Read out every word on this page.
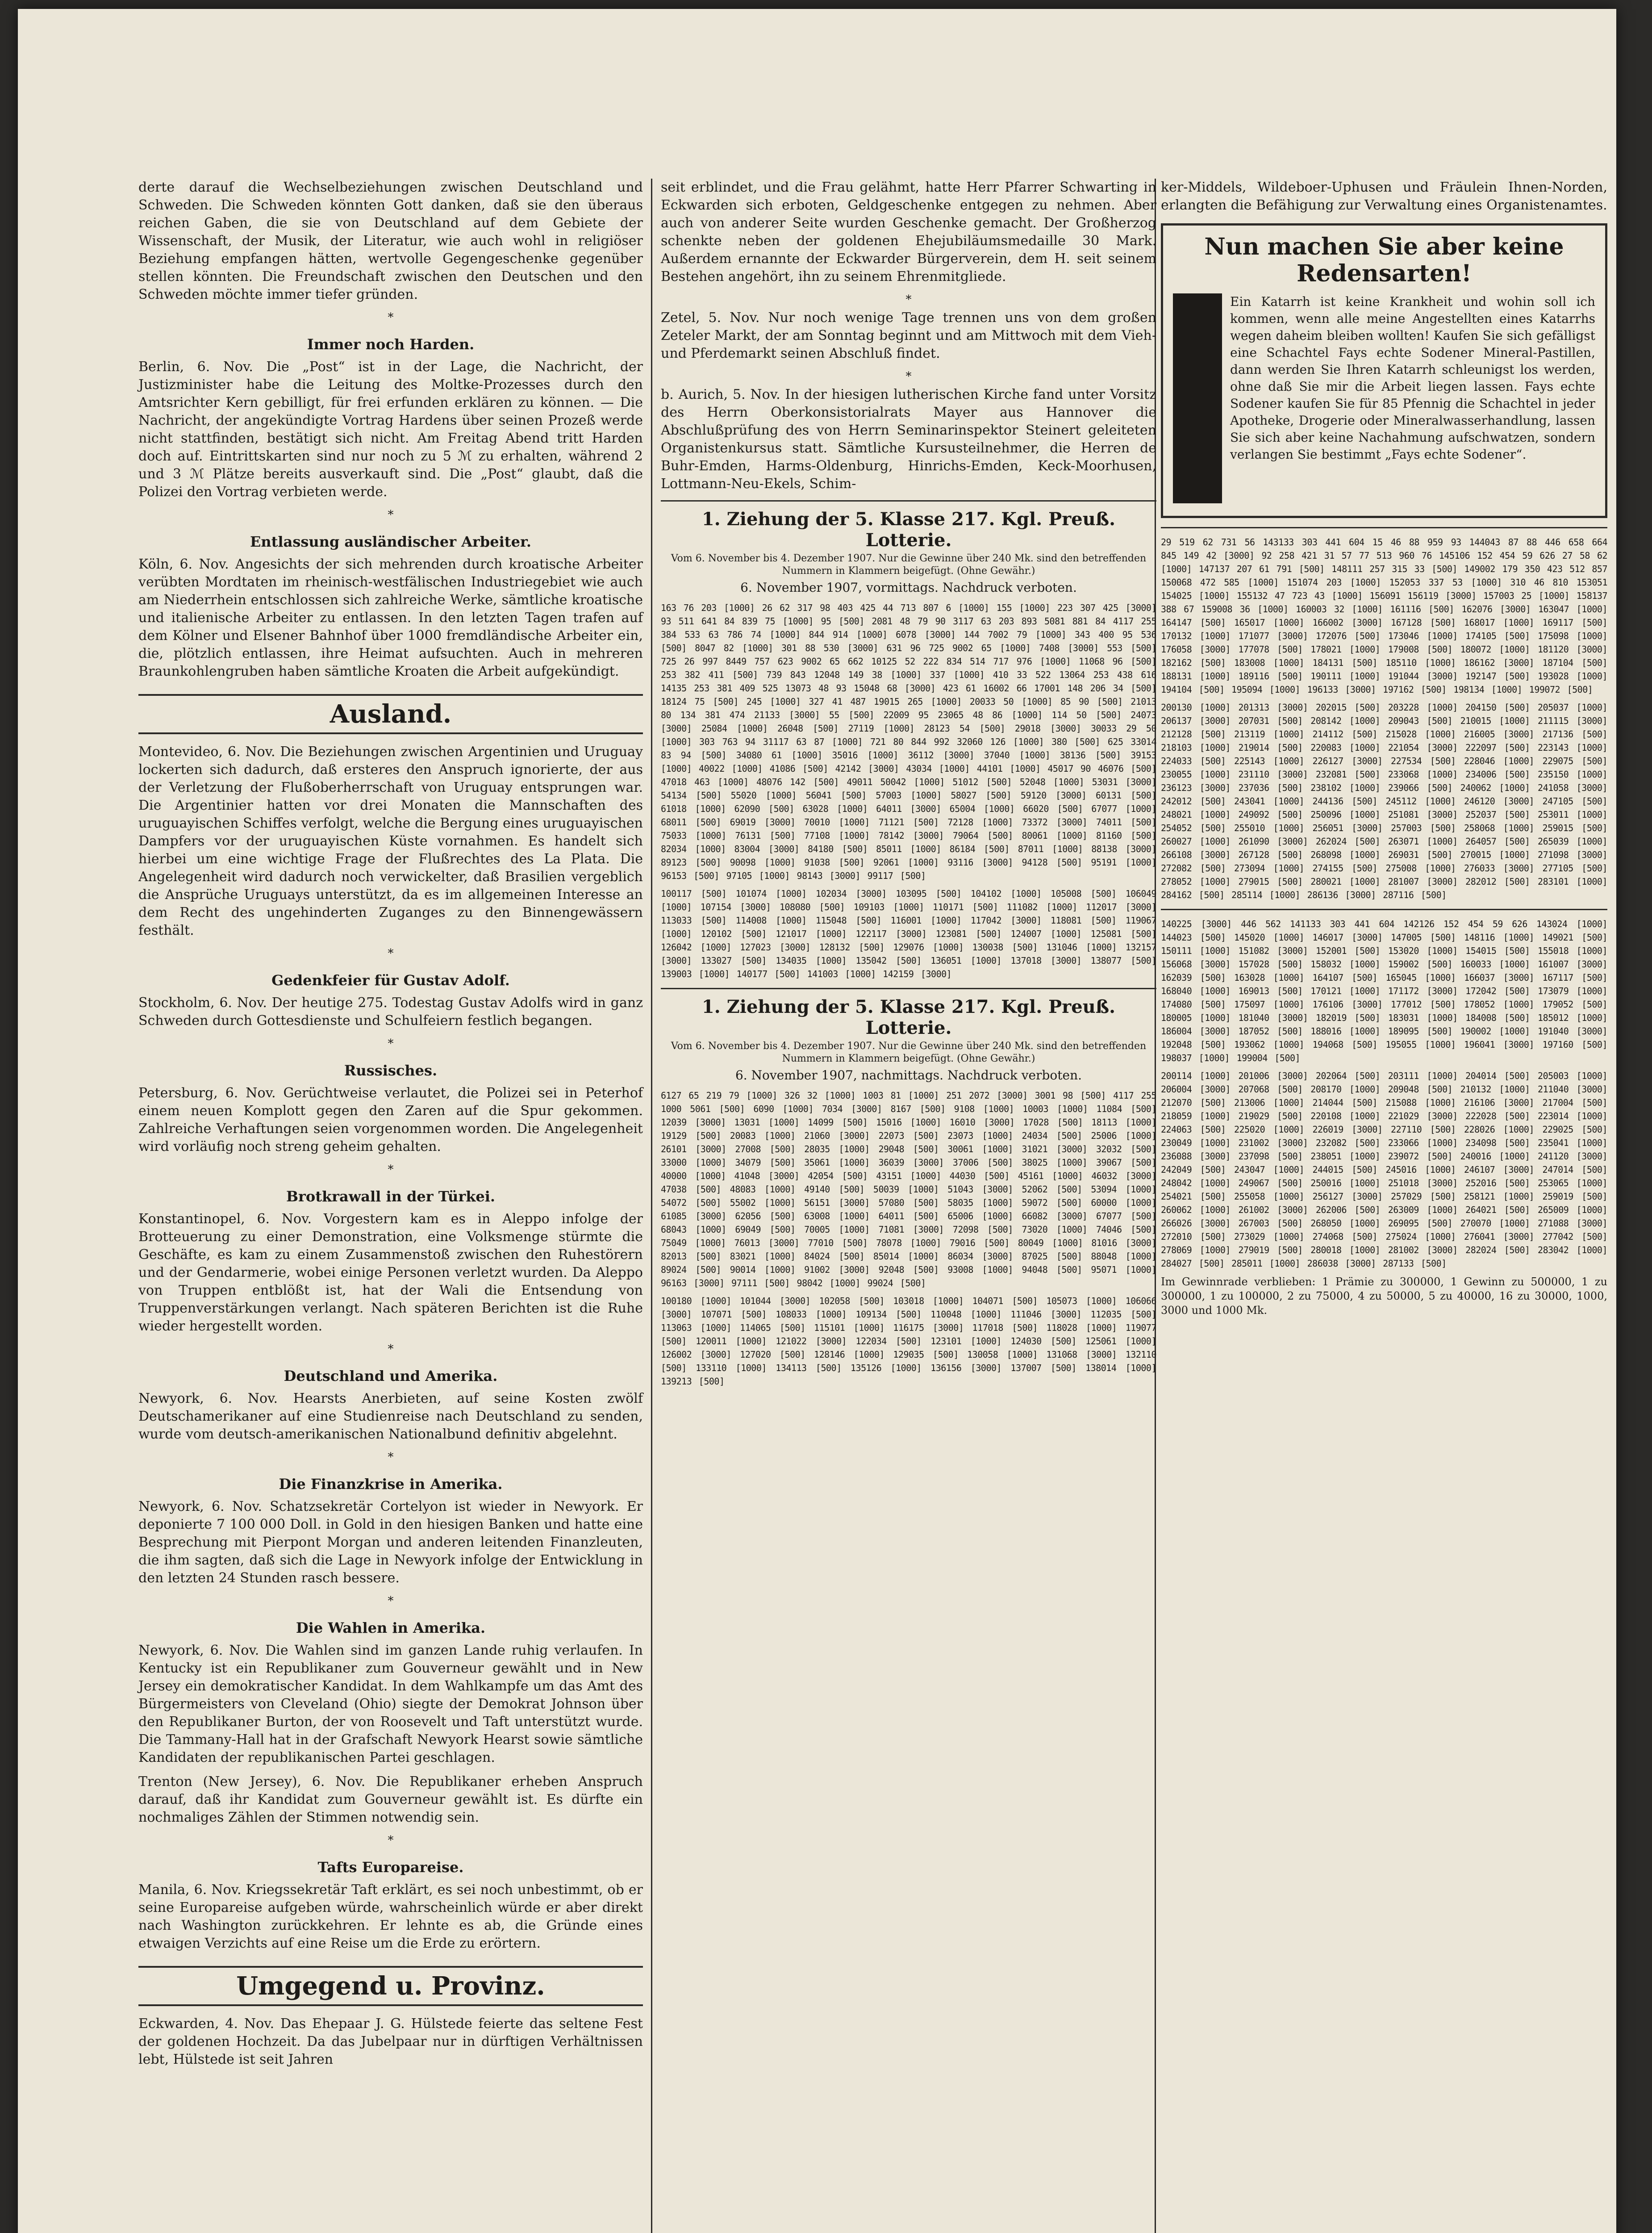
derte darauf die Wechselbeziehungen zwischen Deutschland und Schweden. Die Schweden könnten Gott danken, daß sie den überaus reichen Gaben, die sie von Deutschland auf dem Gebiete der Wissenschaft, der Musik, der Literatur, wie auch wohl in religiöser Beziehung empfangen hätten, wertvolle Gegengeschenke gegenüber stellen könnten. Die Freundschaft zwischen den Deutschen und den Schweden möchte immer tiefer gründen.

*
Immer noch Harden.

Berlin, 6. Nov. Die „Post“ ist in der Lage, die Nachricht, der Justizminister habe die Leitung des Moltke-Prozesses durch den Amtsrichter Kern gebilligt, für frei erfunden erklären zu können. — Die Nachricht, der angekündigte Vortrag Hardens über seinen Prozeß werde nicht stattfinden, bestätigt sich nicht. Am Freitag Abend tritt Harden doch auf. Eintrittskarten sind nur noch zu 5 ℳ zu erhalten, während 2 und 3 ℳ Plätze bereits ausverkauft sind. Die „Post“ glaubt, daß die Polizei den Vortrag verbieten werde.

*
Entlassung ausländischer Arbeiter.

Köln, 6. Nov. Angesichts der sich mehrenden durch kroatische Arbeiter verübten Mordtaten im rheinisch-westfälischen Industriegebiet wie auch am Niederrhein entschlossen sich zahlreiche Werke, sämtliche kroatische und italienische Arbeiter zu entlassen. In den letzten Tagen trafen auf dem Kölner und Elsener Bahnhof über 1000 fremdländische Arbeiter ein, die, plötzlich entlassen, ihre Heimat aufsuchten. Auch in mehreren Braunkohlengruben haben sämtliche Kroaten die Arbeit aufgekündigt.

Ausland.

Montevideo, 6. Nov. Die Beziehungen zwischen Argentinien und Uruguay lockerten sich dadurch, daß ersteres den Anspruch ignorierte, der aus der Verletzung der Flußoberherrschaft von Uruguay entsprungen war. Die Argentinier hatten vor drei Monaten die Mannschaften des uruguayischen Schiffes verfolgt, welche die Bergung eines uruguayischen Dampfers vor der uruguayischen Küste vornahmen. Es handelt sich hierbei um eine wichtige Frage der Flußrechtes des La Plata. Die Angelegenheit wird dadurch noch verwickelter, daß Brasilien vergeblich die Ansprüche Uruguays unterstützt, da es im allgemeinen Interesse an dem Recht des ungehinderten Zuganges zu den Binnengewässern festhält.

*
Gedenkfeier für Gustav Adolf.

Stockholm, 6. Nov. Der heutige 275. Todestag Gustav Adolfs wird in ganz Schweden durch Gottesdienste und Schulfeiern festlich begangen.

*
Russisches.

Petersburg, 6. Nov. Gerüchtweise verlautet, die Polizei sei in Peterhof einem neuen Komplott gegen den Zaren auf die Spur gekommen. Zahlreiche Verhaftungen seien vorgenommen worden. Die Angelegenheit wird vorläufig noch streng geheim gehalten.

*
Brotkrawall in der Türkei.

Konstantinopel, 6. Nov. Vorgestern kam es in Aleppo infolge der Brotteuerung zu einer Demonstration, eine Volksmenge stürmte die Geschäfte, es kam zu einem Zusammenstoß zwischen den Ruhestörern und der Gendarmerie, wobei einige Personen verletzt wurden. Da Aleppo von Truppen entblößt ist, hat der Wali die Entsendung von Truppenverstärkungen verlangt. Nach späteren Berichten ist die Ruhe wieder hergestellt worden.

*
Deutschland und Amerika.

Newyork, 6. Nov. Hearsts Anerbieten, auf seine Kosten zwölf Deutschamerikaner auf eine Studienreise nach Deutschland zu senden, wurde vom deutsch-amerikanischen Nationalbund definitiv abgelehnt.

*
Die Finanzkrise in Amerika.

Newyork, 6. Nov. Schatzsekretär Cortelyon ist wieder in Newyork. Er deponierte 7 100 000 Doll. in Gold in den hiesigen Banken und hatte eine Besprechung mit Pierpont Morgan und anderen leitenden Finanzleuten, die ihm sagten, daß sich die Lage in Newyork infolge der Entwicklung in den letzten 24 Stunden rasch bessere.

*
Die Wahlen in Amerika.

Newyork, 6. Nov. Die Wahlen sind im ganzen Lande ruhig verlaufen. In Kentucky ist ein Republikaner zum Gouverneur gewählt und in New Jersey ein demokratischer Kandidat. In dem Wahlkampfe um das Amt des Bürgermeisters von Cleveland (Ohio) siegte der Demokrat Johnson über den Republikaner Burton, der von Roosevelt und Taft unterstützt wurde. Die Tammany-Hall hat in der Grafschaft Newyork Hearst sowie sämtliche Kandidaten der republikanischen Partei geschlagen.

Trenton (New Jersey), 6. Nov. Die Republikaner erheben Anspruch darauf, daß ihr Kandidat zum Gouverneur gewählt ist. Es dürfte ein nochmaliges Zählen der Stimmen notwendig sein.

*
Tafts Europareise.

Manila, 6. Nov. Kriegssekretär Taft erklärt, es sei noch unbestimmt, ob er seine Europareise aufgeben würde, wahrscheinlich würde er aber direkt nach Washington zurückkehren. Er lehnte es ab, die Gründe eines etwaigen Verzichts auf eine Reise um die Erde zu erörtern.

Umgegend u. Provinz.

Eckwarden, 4. Nov. Das Ehepaar J. G. Hülstede feierte das seltene Fest der goldenen Hochzeit. Da das Jubelpaar nur in dürftigen Verhältnissen lebt, Hülstede ist seit Jahren

seit erblindet, und die Frau gelähmt, hatte Herr Pfarrer Schwarting in Eckwarden sich erboten, Geldgeschenke entgegen zu nehmen. Aber auch von anderer Seite wurden Geschenke gemacht. Der Großherzog schenkte neben der goldenen Ehejubiläumsmedaille 30 Mark. Außerdem ernannte der Eckwarder Bürgerverein, dem H. seit seinem Bestehen angehört, ihn zu seinem Ehrenmitgliede.

*

Zetel, 5. Nov. Nur noch wenige Tage trennen uns von dem großen Zeteler Markt, der am Sonntag beginnt und am Mittwoch mit dem Vieh- und Pferdemarkt seinen Abschluß findet.

*

b. Aurich, 5. Nov. In der hiesigen lutherischen Kirche fand unter Vorsitz des Herrn Oberkonsistorialrats Mayer aus Hannover die Abschlußprüfung des von Herrn Seminarinspektor Steinert geleiteten Organistenkursus statt. Sämtliche Kursusteilnehmer, die Herren de Buhr-Emden, Harms-Oldenburg, Hinrichs-Emden, Keck-Moorhusen, Lottmann-Neu-Ekels, Schim-

1. Ziehung der 5. Klasse 217. Kgl. Preuß. Lotterie.
Vom 6. November bis 4. Dezember 1907. Nur die Gewinne über 240 Mk. sind den betreffenden Nummern in Klammern beigefügt. (Ohne Gewähr.)
6. November 1907, vormittags. Nachdruck verboten.
163 76 203 [1000] 26 62 317 98 403 425 44 713 807 6 [1000] 155 [1000] 223 307 425 [3000] 93 511 641 84 839 75 [1000] 95 [500] 2081 48 79 90 3117 63 203 893 5081 881 84 4117 255 384 533 63 786 74 [1000] 844 914 [1000] 6078 [3000] 144 7002 79 [1000] 343 400 95 536 [500] 8047 82 [1000] 301 88 530 [3000] 631 96 725 9002 65 [1000] 7408 [3000] 553 [500] 725 26 997 8449 757 623 9002 65 662 10125 52 222 834 514 717 976 [1000] 11068 96 [500] 253 382 411 [500] 739 843 12048 149 38 [1000] 337 [1000] 410 33 522 13064 253 438 616 14135 253 381 409 525 13073 48 93 15048 68 [3000] 423 61 16002 66 17001 148 206 34 [500] 18124 75 [500] 245 [1000] 327 41 487 19015 265 [1000] 20033 50 [1000] 85 90 [500] 21013 80 134 381 474 21133 [3000] 55 [500] 22009 95 23065 48 86 [1000] 114 50 [500] 24073 [3000] 25084 [1000] 26048 [500] 27119 [1000] 28123 54 [500] 29018 [3000] 30033 29 50 [1000] 303 763 94 31117 63 87 [1000] 721 80 844 992 32060 126 [1000] 380 [500] 625 33014 83 94 [500] 34080 61 [1000] 35016 [1000] 36112 [3000] 37040 [1000] 38136 [500] 39153 [1000] 40022 [1000] 41086 [500] 42142 [3000] 43034 [1000] 44101 [1000] 45017 90 46076 [500] 47018 463 [1000] 48076 142 [500] 49011 50042 [1000] 51012 [500] 52048 [1000] 53031 [3000] 54134 [500] 55020 [1000] 56041 [500] 57003 [1000] 58027 [500] 59120 [3000] 60131 [500] 61018 [1000] 62090 [500] 63028 [1000] 64011 [3000] 65004 [1000] 66020 [500] 67077 [1000] 68011 [500] 69019 [3000] 70010 [1000] 71121 [500] 72128 [1000] 73372 [3000] 74011 [500] 75033 [1000] 76131 [500] 77108 [1000] 78142 [3000] 79064 [500] 80061 [1000] 81160 [500] 82034 [1000] 83004 [3000] 84180 [500] 85011 [1000] 86184 [500] 87011 [1000] 88138 [3000] 89123 [500] 90098 [1000] 91038 [500] 92061 [1000] 93116 [3000] 94128 [500] 95191 [1000] 96153 [500] 97105 [1000] 98143 [3000] 99117 [500]
100117 [500] 101074 [1000] 102034 [3000] 103095 [500] 104102 [1000] 105008 [500] 106049 [1000] 107154 [3000] 108080 [500] 109103 [1000] 110171 [500] 111082 [1000] 112017 [3000] 113033 [500] 114008 [1000] 115048 [500] 116001 [1000] 117042 [3000] 118081 [500] 119067 [1000] 120102 [500] 121017 [1000] 122117 [3000] 123081 [500] 124007 [1000] 125081 [500] 126042 [1000] 127023 [3000] 128132 [500] 129076 [1000] 130038 [500] 131046 [1000] 132157 [3000] 133027 [500] 134035 [1000] 135042 [500] 136051 [1000] 137018 [3000] 138077 [500] 139003 [1000] 140177 [500] 141003 [1000] 142159 [3000]
1. Ziehung der 5. Klasse 217. Kgl. Preuß. Lotterie.
Vom 6. November bis 4. Dezember 1907. Nur die Gewinne über 240 Mk. sind den betreffenden Nummern in Klammern beigefügt. (Ohne Gewähr.)
6. November 1907, nachmittags. Nachdruck verboten.
6127 65 219 79 [1000] 326 32 [1000] 1003 81 [1000] 251 2072 [3000] 3001 98 [500] 4117 255 1000 5061 [500] 6090 [1000] 7034 [3000] 8167 [500] 9108 [1000] 10003 [1000] 11084 [500] 12039 [3000] 13031 [1000] 14099 [500] 15016 [1000] 16010 [3000] 17028 [500] 18113 [1000] 19129 [500] 20083 [1000] 21060 [3000] 22073 [500] 23073 [1000] 24034 [500] 25006 [1000] 26101 [3000] 27008 [500] 28035 [1000] 29048 [500] 30061 [1000] 31021 [3000] 32032 [500] 33000 [1000] 34079 [500] 35061 [1000] 36039 [3000] 37006 [500] 38025 [1000] 39067 [500] 40000 [1000] 41048 [3000] 42054 [500] 43151 [1000] 44030 [500] 45161 [1000] 46032 [3000] 47038 [500] 48083 [1000] 49140 [500] 50039 [1000] 51043 [3000] 52062 [500] 53094 [1000] 54072 [500] 55002 [1000] 56151 [3000] 57080 [500] 58035 [1000] 59072 [500] 60000 [1000] 61085 [3000] 62056 [500] 63008 [1000] 64011 [500] 65006 [1000] 66082 [3000] 67077 [500] 68043 [1000] 69049 [500] 70005 [1000] 71081 [3000] 72098 [500] 73020 [1000] 74046 [500] 75049 [1000] 76013 [3000] 77010 [500] 78078 [1000] 79016 [500] 80049 [1000] 81016 [3000] 82013 [500] 83021 [1000] 84024 [500] 85014 [1000] 86034 [3000] 87025 [500] 88048 [1000] 89024 [500] 90014 [1000] 91002 [3000] 92048 [500] 93008 [1000] 94048 [500] 95071 [1000] 96163 [3000] 97111 [500] 98042 [1000] 99024 [500]
100180 [1000] 101044 [3000] 102058 [500] 103018 [1000] 104071 [500] 105073 [1000] 106066 [3000] 107071 [500] 108033 [1000] 109134 [500] 110048 [1000] 111046 [3000] 112035 [500] 113063 [1000] 114065 [500] 115101 [1000] 116175 [3000] 117018 [500] 118028 [1000] 119077 [500] 120011 [1000] 121022 [3000] 122034 [500] 123101 [1000] 124030 [500] 125061 [1000] 126002 [3000] 127020 [500] 128146 [1000] 129035 [500] 130058 [1000] 131068 [3000] 132110 [500] 133110 [1000] 134113 [500] 135126 [1000] 136156 [3000] 137007 [500] 138014 [1000] 139213 [500]

ker-Middels, Wildeboer-Uphusen und Fräulein Ihnen-Norden, erlangten die Befähigung zur Verwaltung eines Organistenamtes.

Nun machen Sie aber keine Redensarten!
Ein Katarrh ist keine Krankheit und wohin soll ich kommen, wenn alle meine Angestellten eines Katarrhs wegen daheim bleiben wollten! Kaufen Sie sich gefälligst eine Schachtel Fays echte Sodener Mineral-Pastillen, dann werden Sie Ihren Katarrh schleunigst los werden, ohne daß Sie mir die Arbeit liegen lassen. Fays echte Sodener kaufen Sie für 85 Pfennig die Schachtel in jeder Apotheke, Drogerie oder Mineralwasserhandlung, lassen Sie sich aber keine Nachahmung aufschwatzen, sondern verlangen Sie bestimmt „Fays echte Sodener“.
29 519 62 731 56 143133 303 441 604 15 46 88 959 93 144043 87 88 446 658 664 845 149 42 [3000] 92 258 421 31 57 77 513 960 76 145106 152 454 59 626 27 58 62 [1000] 147137 207 61 791 [500] 148111 257 315 33 [500] 149002 179 350 423 512 857 150068 472 585 [1000] 151074 203 [1000] 152053 337 53 [1000] 310 46 810 153051 154025 [1000] 155132 47 723 43 [1000] 156091 156119 [3000] 157003 25 [1000] 158137 388 67 159008 36 [1000] 160003 32 [1000] 161116 [500] 162076 [3000] 163047 [1000] 164147 [500] 165017 [1000] 166002 [3000] 167128 [500] 168017 [1000] 169117 [500] 170132 [1000] 171077 [3000] 172076 [500] 173046 [1000] 174105 [500] 175098 [1000] 176058 [3000] 177078 [500] 178021 [1000] 179008 [500] 180072 [1000] 181120 [3000] 182162 [500] 183008 [1000] 184131 [500] 185110 [1000] 186162 [3000] 187104 [500] 188131 [1000] 189116 [500] 190111 [1000] 191044 [3000] 192147 [500] 193028 [1000] 194104 [500] 195094 [1000] 196133 [3000] 197162 [500] 198134 [1000] 199072 [500]
200130 [1000] 201313 [3000] 202015 [500] 203228 [1000] 204150 [500] 205037 [1000] 206137 [3000] 207031 [500] 208142 [1000] 209043 [500] 210015 [1000] 211115 [3000] 212128 [500] 213119 [1000] 214112 [500] 215028 [1000] 216005 [3000] 217136 [500] 218103 [1000] 219014 [500] 220083 [1000] 221054 [3000] 222097 [500] 223143 [1000] 224033 [500] 225143 [1000] 226127 [3000] 227534 [500] 228046 [1000] 229075 [500] 230055 [1000] 231110 [3000] 232081 [500] 233068 [1000] 234006 [500] 235150 [1000] 236123 [3000] 237036 [500] 238102 [1000] 239066 [500] 240062 [1000] 241058 [3000] 242012 [500] 243041 [1000] 244136 [500] 245112 [1000] 246120 [3000] 247105 [500] 248021 [1000] 249092 [500] 250096 [1000] 251081 [3000] 252037 [500] 253011 [1000] 254052 [500] 255010 [1000] 256051 [3000] 257003 [500] 258068 [1000] 259015 [500] 260027 [1000] 261090 [3000] 262024 [500] 263071 [1000] 264057 [500] 265039 [1000] 266108 [3000] 267128 [500] 268098 [1000] 269031 [500] 270015 [1000] 271098 [3000] 272082 [500] 273094 [1000] 274155 [500] 275008 [1000] 276033 [3000] 277105 [500] 278052 [1000] 279015 [500] 280021 [1000] 281007 [3000] 282012 [500] 283101 [1000] 284162 [500] 285114 [1000] 286136 [3000] 287116 [500]
140225 [3000] 446 562 141133 303 441 604 142126 152 454 59 626 143024 [1000] 144023 [500] 145020 [1000] 146017 [3000] 147005 [500] 148116 [1000] 149021 [500] 150111 [1000] 151082 [3000] 152001 [500] 153020 [1000] 154015 [500] 155018 [1000] 156068 [3000] 157028 [500] 158032 [1000] 159002 [500] 160033 [1000] 161007 [3000] 162039 [500] 163028 [1000] 164107 [500] 165045 [1000] 166037 [3000] 167117 [500] 168040 [1000] 169013 [500] 170121 [1000] 171172 [3000] 172042 [500] 173079 [1000] 174080 [500] 175097 [1000] 176106 [3000] 177012 [500] 178052 [1000] 179052 [500] 180005 [1000] 181040 [3000] 182019 [500] 183031 [1000] 184008 [500] 185012 [1000] 186004 [3000] 187052 [500] 188016 [1000] 189095 [500] 190002 [1000] 191040 [3000] 192048 [500] 193062 [1000] 194068 [500] 195055 [1000] 196041 [3000] 197160 [500] 198037 [1000] 199004 [500]
200114 [1000] 201006 [3000] 202064 [500] 203111 [1000] 204014 [500] 205003 [1000] 206004 [3000] 207068 [500] 208170 [1000] 209048 [500] 210132 [1000] 211040 [3000] 212070 [500] 213006 [1000] 214044 [500] 215088 [1000] 216106 [3000] 217004 [500] 218059 [1000] 219029 [500] 220108 [1000] 221029 [3000] 222028 [500] 223014 [1000] 224063 [500] 225020 [1000] 226019 [3000] 227110 [500] 228026 [1000] 229025 [500] 230049 [1000] 231002 [3000] 232082 [500] 233066 [1000] 234098 [500] 235041 [1000] 236088 [3000] 237098 [500] 238051 [1000] 239072 [500] 240016 [1000] 241120 [3000] 242049 [500] 243047 [1000] 244015 [500] 245016 [1000] 246107 [3000] 247014 [500] 248042 [1000] 249067 [500] 250016 [1000] 251018 [3000] 252016 [500] 253065 [1000] 254021 [500] 255058 [1000] 256127 [3000] 257029 [500] 258121 [1000] 259019 [500] 260062 [1000] 261002 [3000] 262006 [500] 263009 [1000] 264021 [500] 265009 [1000] 266026 [3000] 267003 [500] 268050 [1000] 269095 [500] 270070 [1000] 271088 [3000] 272010 [500] 273029 [1000] 274068 [500] 275024 [1000] 276041 [3000] 277042 [500] 278069 [1000] 279019 [500] 280018 [1000] 281002 [3000] 282024 [500] 283042 [1000] 284027 [500] 285011 [1000] 286038 [3000] 287133 [500]
Im Gewinnrade verblieben: 1 Prämie zu 300000, 1 Gewinn zu 500000, 1 zu 300000, 1 zu 100000, 2 zu 75000, 4 zu 50000, 5 zu 40000, 16 zu 30000, 1000, 3000 und 1000 Mk.
